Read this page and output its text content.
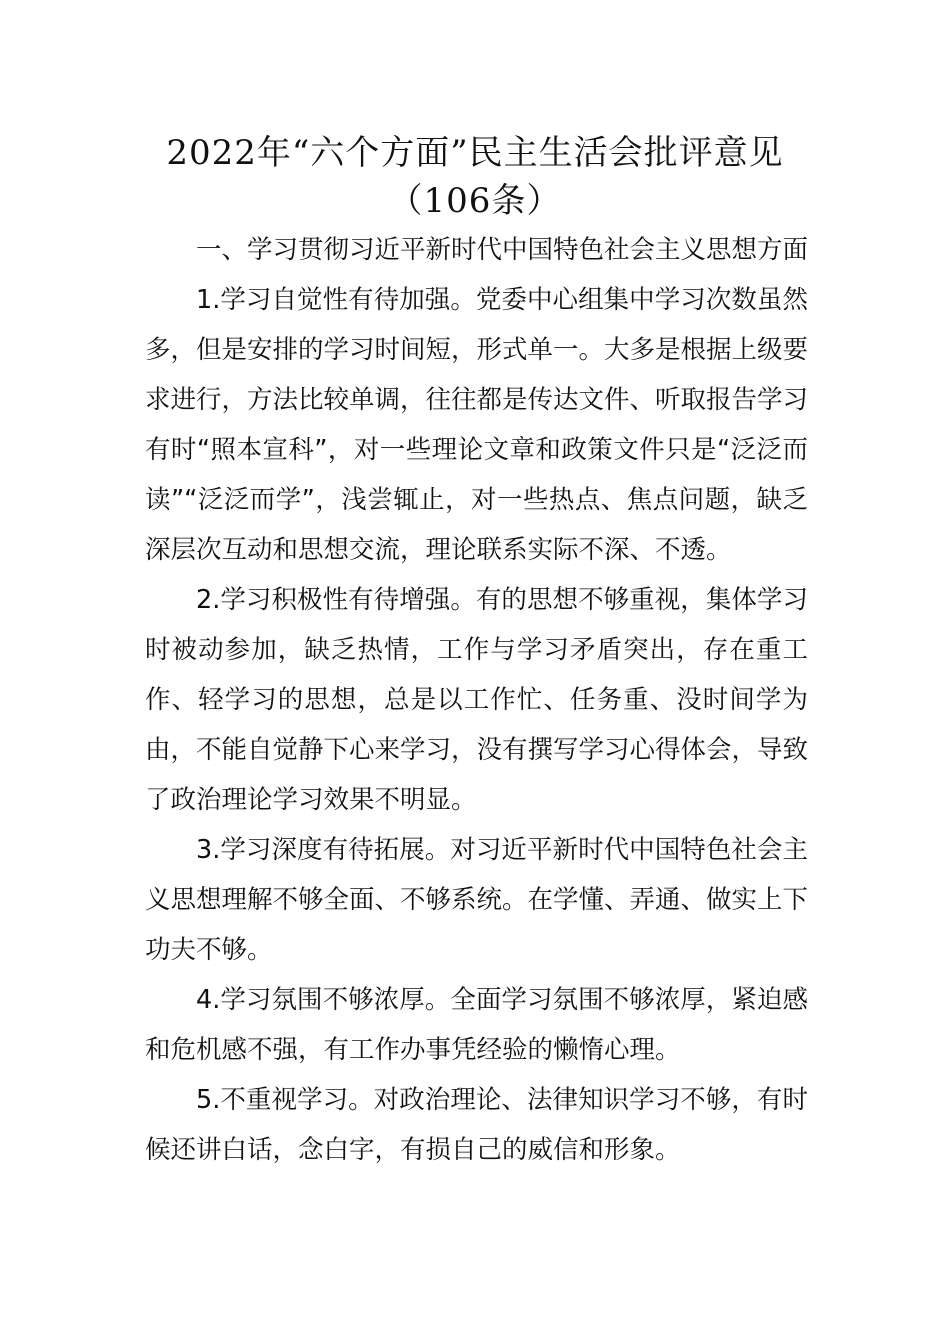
2022年“六个方面”民主生活会批评意见
（106条）

一、学习贯彻习近平新时代中国特色社会主义思想方面

1.学习自觉性有待加强。党委中心组集中学习次数虽然多，但是安排的学习时间短，形式单一。大多是根据上级要求进行，方法比较单调，往往都是传达文件、听取报告学习有时“照本宣科”，对一些理论文章和政策文件只是“泛泛而读”“泛泛而学”，浅尝辄止，对一些热点、焦点问题，缺乏深层次互动和思想交流，理论联系实际不深、不透。

2.学习积极性有待增强。有的思想不够重视，集体学习时被动参加，缺乏热情，工作与学习矛盾突出，存在重工作、轻学习的思想，总是以工作忙、任务重、没时间学为由，不能自觉静下心来学习，没有撰写学习心得体会，导致了政治理论学习效果不明显。

3.学习深度有待拓展。对习近平新时代中国特色社会主义思想理解不够全面、不够系统。在学懂、弄通、做实上下功夫不够。

4.学习氛围不够浓厚。全面学习氛围不够浓厚，紧迫感和危机感不强，有工作办事凭经验的懒惰心理。

5.不重视学习。对政治理论、法律知识学习不够，有时候还讲白话，念白字，有损自己的威信和形象。
